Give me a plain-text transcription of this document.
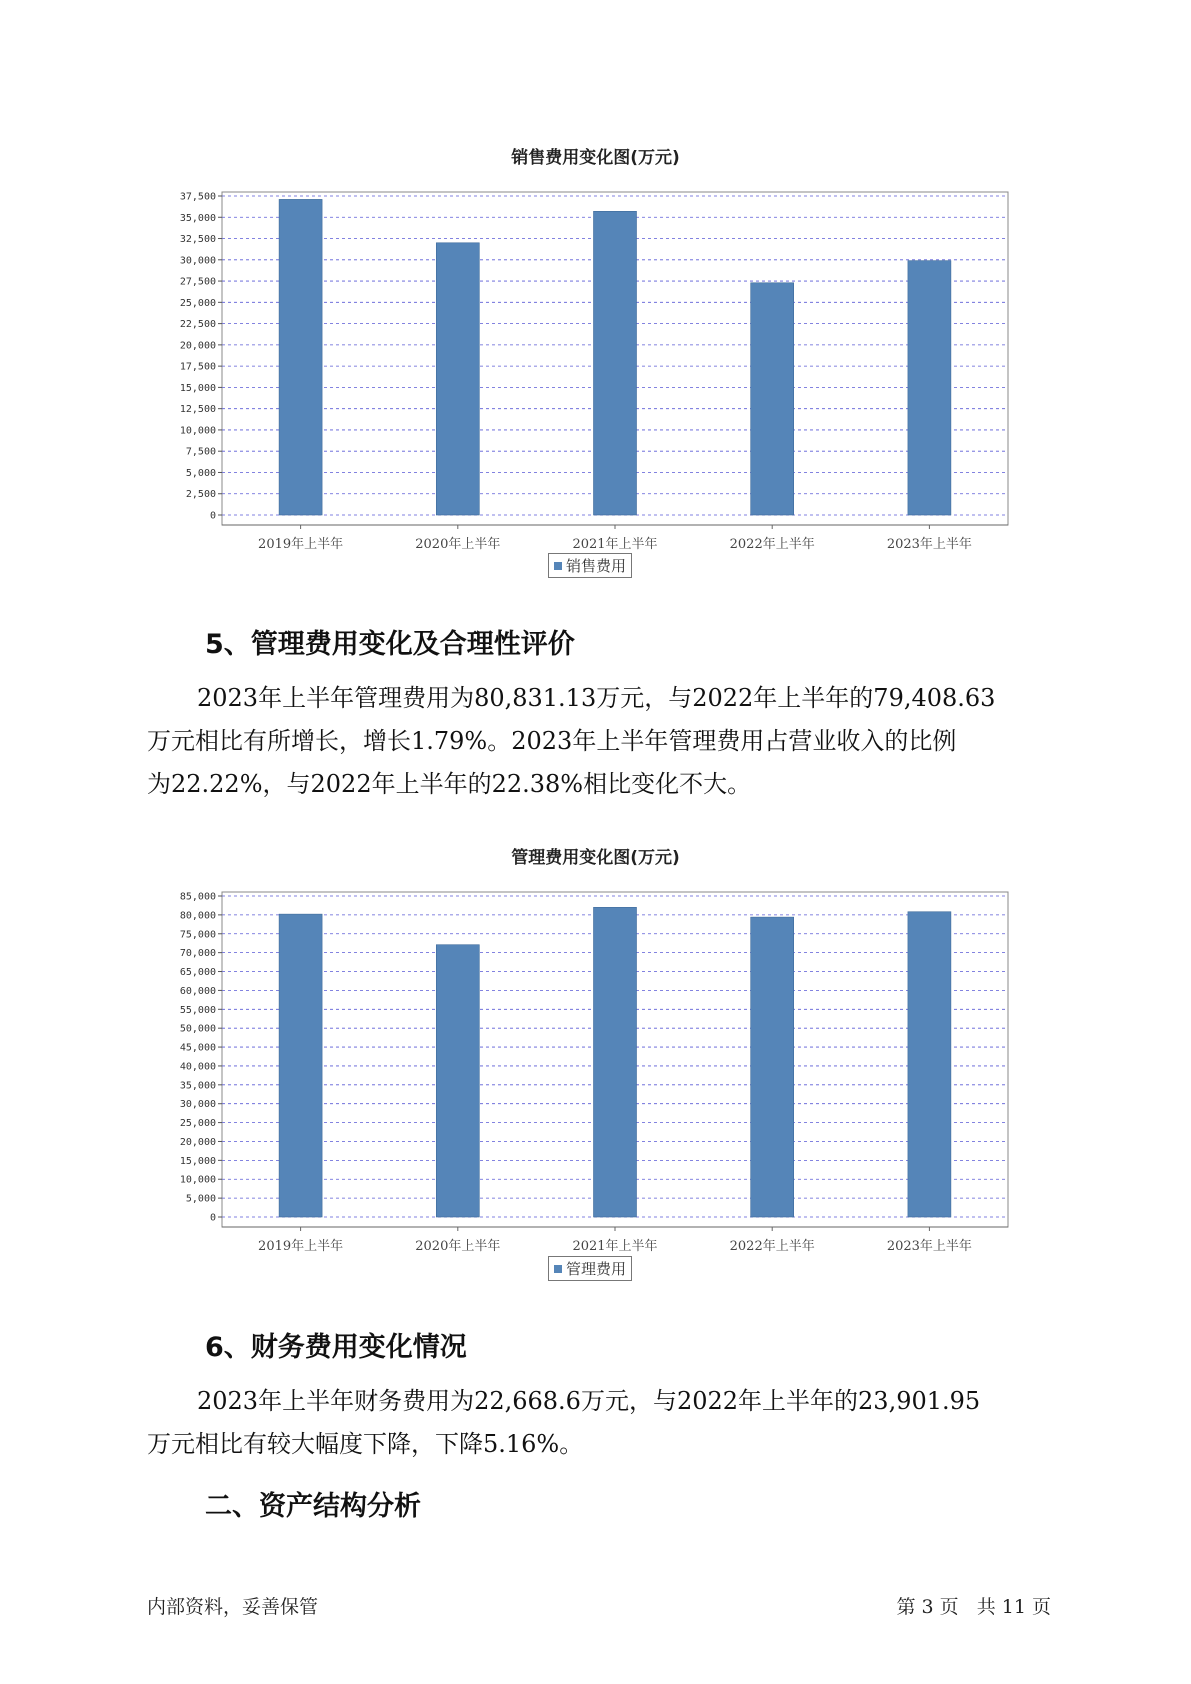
销售费用变化图(万元)
0
2,500
5,000
7,500
10,000
12,500
15,000
17,500
20,000
22,500
25,000
27,500
30,000
32,500
35,000
37,500
2019年上半年	2020年上半年	2021年上半年	2022年上半年	2023年上半年
销售费用
5、管理费用变化及合理性评价

2023年上半年管理费用为80,831.13万元，与2022年上半年的79,408.63
万元相比有所增长，增长1.79%。2023年上半年管理费用占营业收入的比例
为22.22%，与2022年上半年的22.38%相比变化不大。

管理费用变化图(万元)
0
5,000
10,000
15,000
20,000
25,000
30,000
35,000
40,000
45,000
50,000
55,000
60,000
65,000
70,000
75,000
80,000
85,000
2019年上半年	2020年上半年	2021年上半年	2022年上半年	2023年上半年
管理费用
6、财务费用变化情况

2023年上半年财务费用为22,668.6万元，与2022年上半年的23,901.95
万元相比有较大幅度下降，下降5.16%。

二、资产结构分析
内部资料，妥善保管	第 3 页   共 11 页
